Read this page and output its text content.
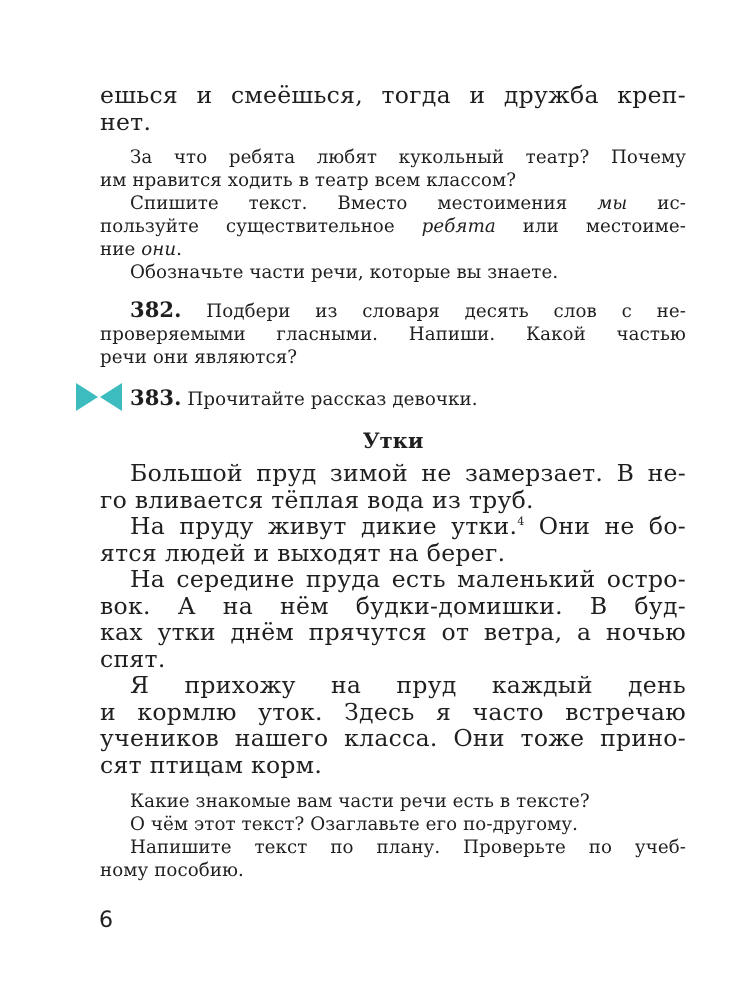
ешься и смеёшься, тогда и дружба креп-
нет.
За что ребята любят кукольный театр? Почему
им нравится ходить в театр всем классом?
Спишите текст. Вместо местоимения мы ис-
пользуйте существительное ребята или местоиме-
ние они.
Обозначьте части речи, которые вы знаете.
382. Подбери из словаря десять слов с не-
проверяемыми гласными. Напиши. Какой частью
речи они являются?
383. Прочитайте рассказ девочки.
Утки
Большой пруд зимой не замерзает. В не-
го вливается тёплая вода из труб.
На пруду живут дикие утки.$^4$ Они не бо-
ятся людей и выходят на берег.
На середине пруда есть маленький остро-
вок. А на нём будки-домишки. В буд-
ках утки днём прячутся от ветра, а ночью
спят.
Я прихожу на пруд каждый день
и кормлю уток. Здесь я часто встречаю
учеников нашего класса. Они тоже прино-
сят птицам корм.
Какие знакомые вам части речи есть в тексте?
О чём этот текст? Озаглавьте его по-другому.
Напишите текст по плану. Проверьте по учеб-
ному пособию.
6
